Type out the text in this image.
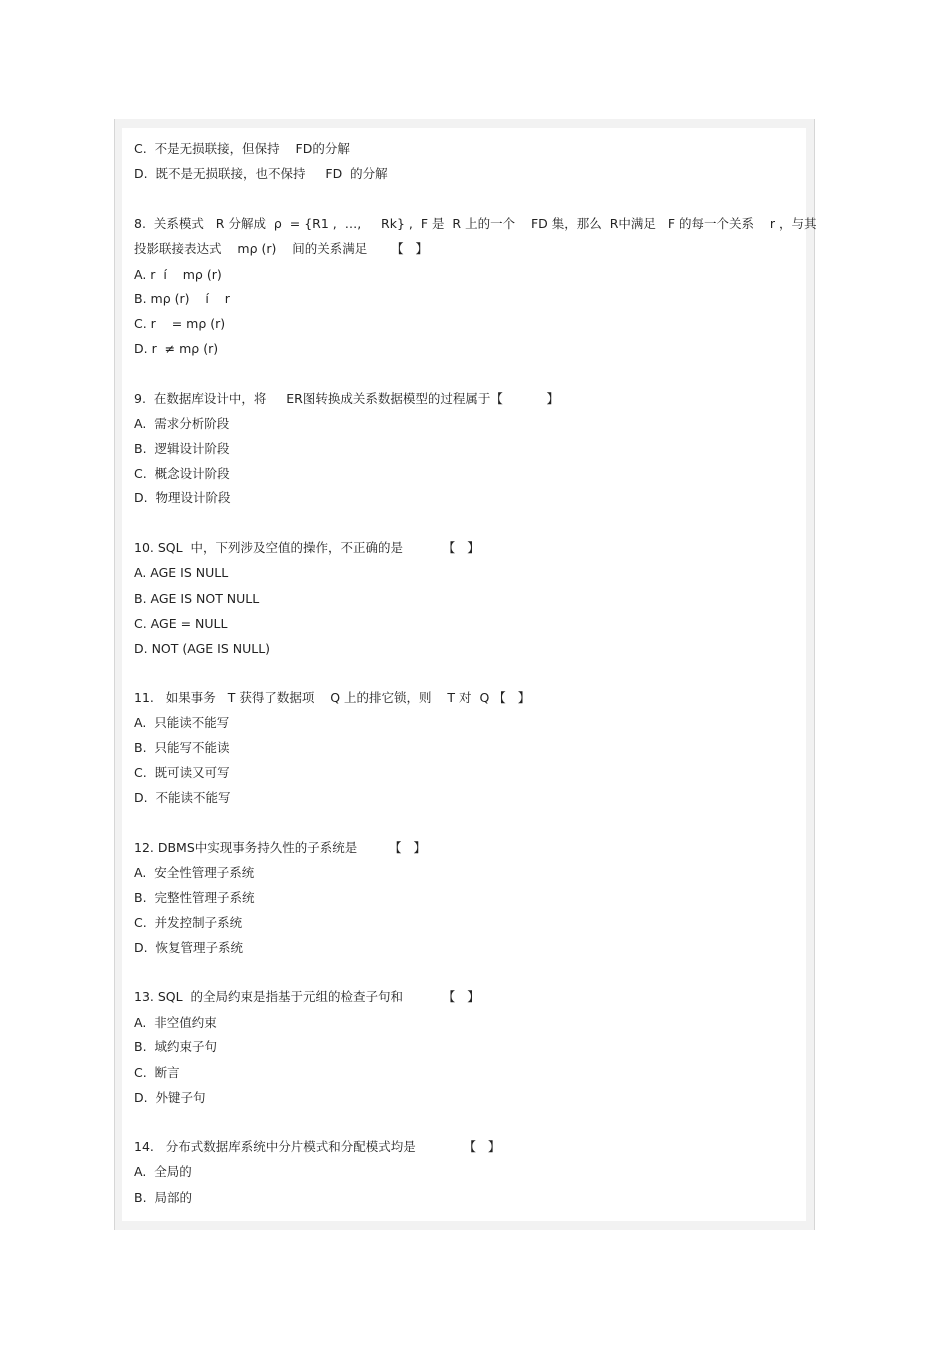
C.  不是无损联接，但保持    FD的分解

D.  既不是无损联接，也不保持     FD  的分解

8.  关系模式   R 分解成  ρ  = {R1 ,  …,     Rk} ,  F 是  R 上的一个    FD 集，那么  R中满足   F 的每一个关系    r ，与其

投影联接表达式    mρ (r)    间的关系满足      【   】

A. r  í    mρ (r)

B. mρ (r)    í    r

C. r    = mρ (r)

D. r  ≠ mρ (r)

9.  在数据库设计中，将     ER图转换成关系数据模型的过程属于【           】

A.  需求分析阶段

B.  逻辑设计阶段

C.  概念设计阶段

D.  物理设计阶段

10. SQL  中，下列涉及空值的操作，不正确的是          【   】

A. AGE IS NULL

B. AGE IS NOT NULL

C. AGE = NULL

D. NOT (AGE IS NULL)

11.   如果事务   T 获得了数据项    Q 上的排它锁，则    T 对  Q 【   】

A.  只能读不能写

B.  只能写不能读

C.  既可读又可写

D.  不能读不能写

12. DBMS中实现事务持久性的子系统是        【   】

A.  安全性管理子系统

B.  完整性管理子系统

C.  并发控制子系统

D.  恢复管理子系统

13. SQL  的全局约束是指基于元组的检查子句和          【   】

A.  非空值约束

B.  域约束子句

C.  断言

D.  外键子句

14.   分布式数据库系统中分片模式和分配模式均是            【   】

A.  全局的

B.  局部的
